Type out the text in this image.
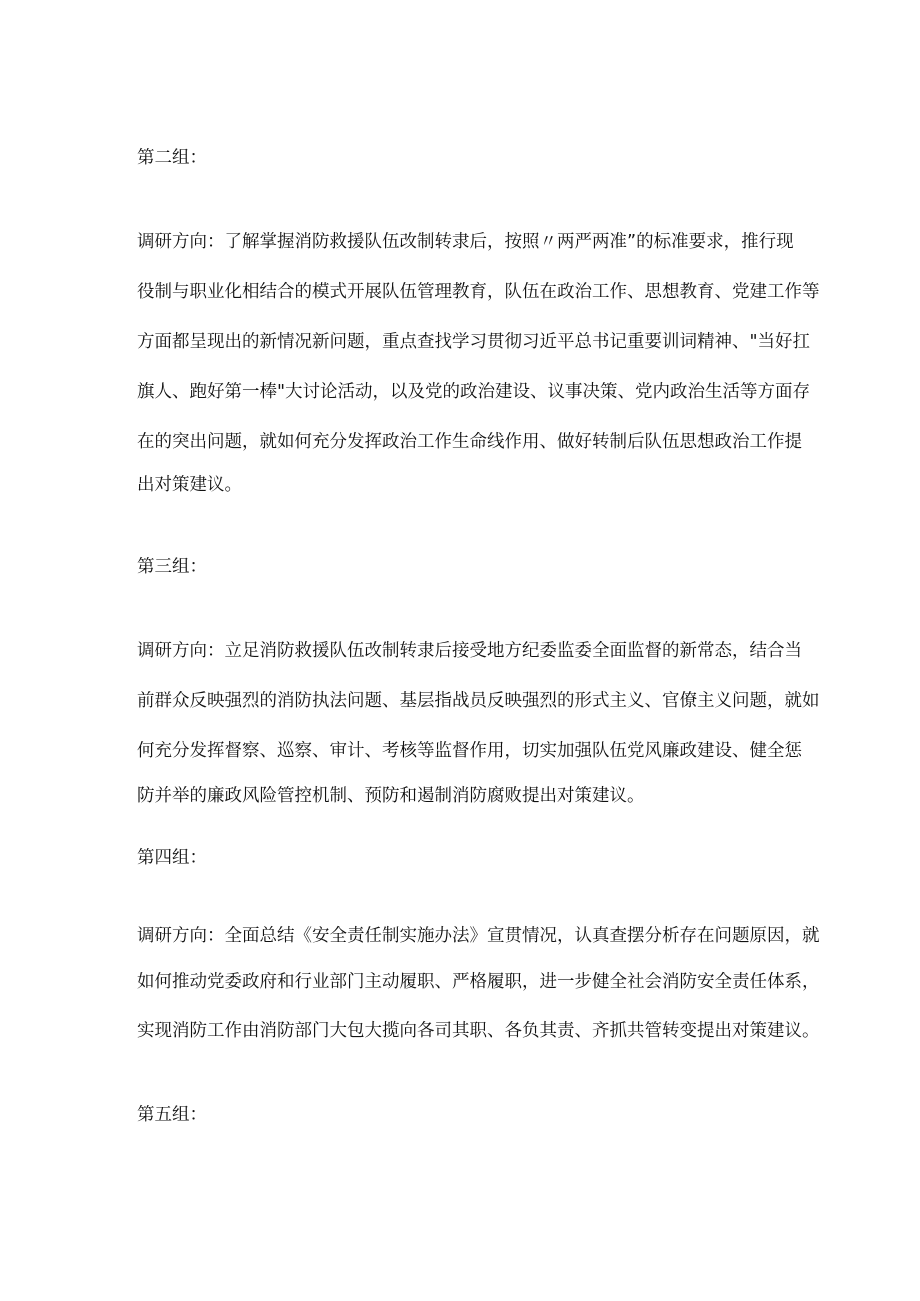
第二组：
调研方向：了解掌握消防救援队伍改制转隶后，按照〃两严两准”的标准要求，推行现
役制与职业化相结合的模式开展队伍管理教育，队伍在政治工作、思想教育、党建工作等
方面都呈现出的新情况新问题，重点查找学习贯彻习近平总书记重要训词精神、"当好扛
旗人、跑好第一棒"大讨论活动，以及党的政治建设、议事决策、党内政治生活等方面存
在的突出问题，就如何充分发挥政治工作生命线作用、做好转制后队伍思想政治工作提
出对策建议。
第三组：
调研方向：立足消防救援队伍改制转隶后接受地方纪委监委全面监督的新常态，结合当
前群众反映强烈的消防执法问题、基层指战员反映强烈的形式主义、官僚主义问题，就如
何充分发挥督察、巡察、审计、考核等监督作用，切实加强队伍党风廉政建设、健全惩
防并举的廉政风险管控机制、预防和遏制消防腐败提出对策建议。
第四组：
调研方向：全面总结《安全责任制实施办法》宣贯情况，认真查摆分析存在问题原因，就
如何推动党委政府和行业部门主动履职、严格履职，进一步健全社会消防安全责任体系，
实现消防工作由消防部门大包大揽向各司其职、各负其责、齐抓共管转变提出对策建议。
第五组：
